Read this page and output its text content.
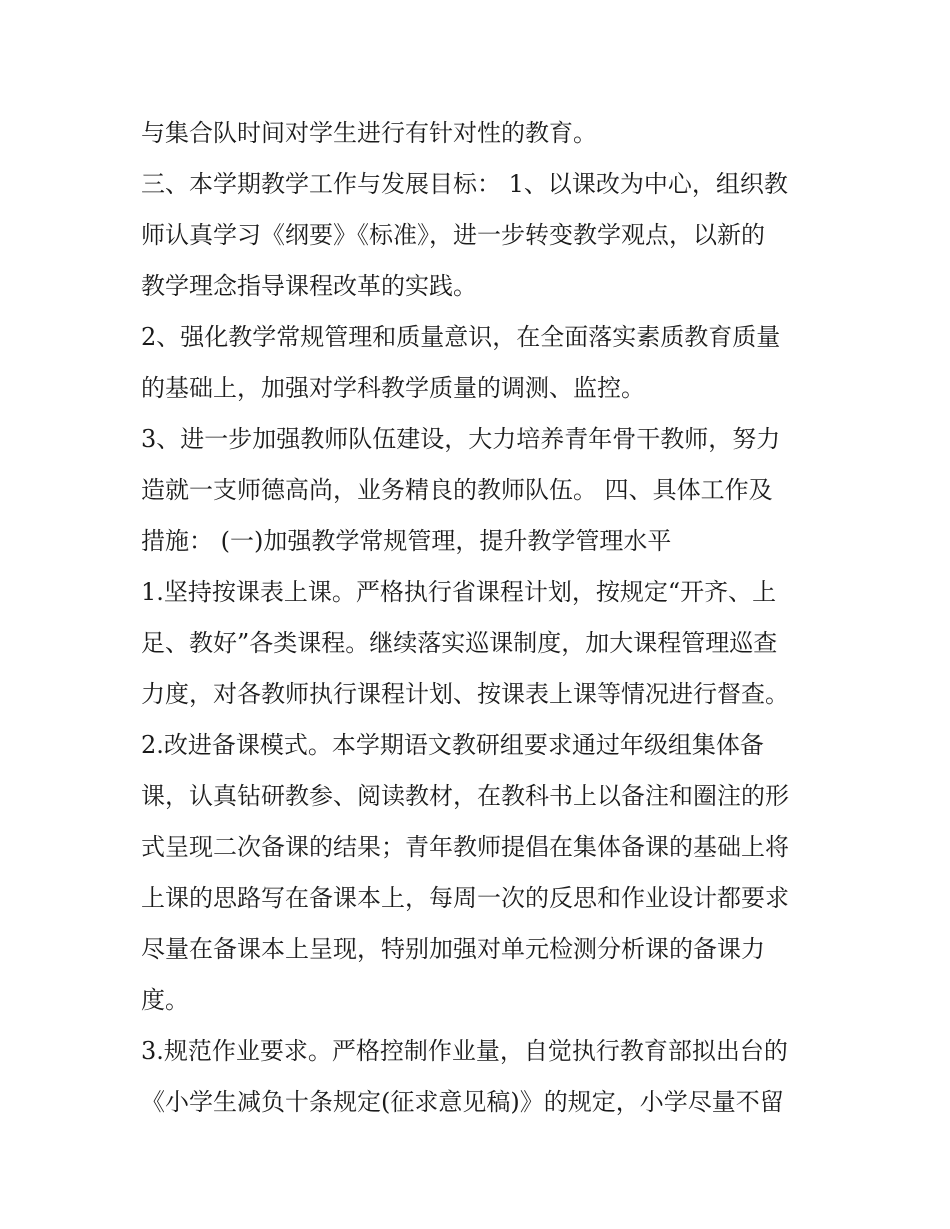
与集合队时间对学生进行有针对性的教育。
三、本学期教学工作与发展目标： 1、以课改为中心，组织教
师认真学习《纲要》《标准》，进一步转变教学观点，以新的
教学理念指导课程改革的实践。
2、强化教学常规管理和质量意识，在全面落实素质教育质量
的基础上，加强对学科教学质量的调测、监控。
3、进一步加强教师队伍建设，大力培养青年骨干教师，努力
造就一支师德高尚，业务精良的教师队伍。 四、具体工作及
措施： (一)加强教学常规管理，提升教学管理水平
1.坚持按课表上课。严格执行省课程计划，按规定“开齐、上
足、教好”各类课程。继续落实巡课制度，加大课程管理巡查
力度，对各教师执行课程计划、按课表上课等情况进行督查。
2.改进备课模式。本学期语文教研组要求通过年级组集体备
课，认真钻研教参、阅读教材，在教科书上以备注和圈注的形
式呈现二次备课的结果；青年教师提倡在集体备课的基础上将
上课的思路写在备课本上，每周一次的反思和作业设计都要求
尽量在备课本上呈现，特别加强对单元检测分析课的备课力
度。
3.规范作业要求。严格控制作业量，自觉执行教育部拟出台的
《小学生减负十条规定(征求意见稿)》的规定，小学尽量不留
